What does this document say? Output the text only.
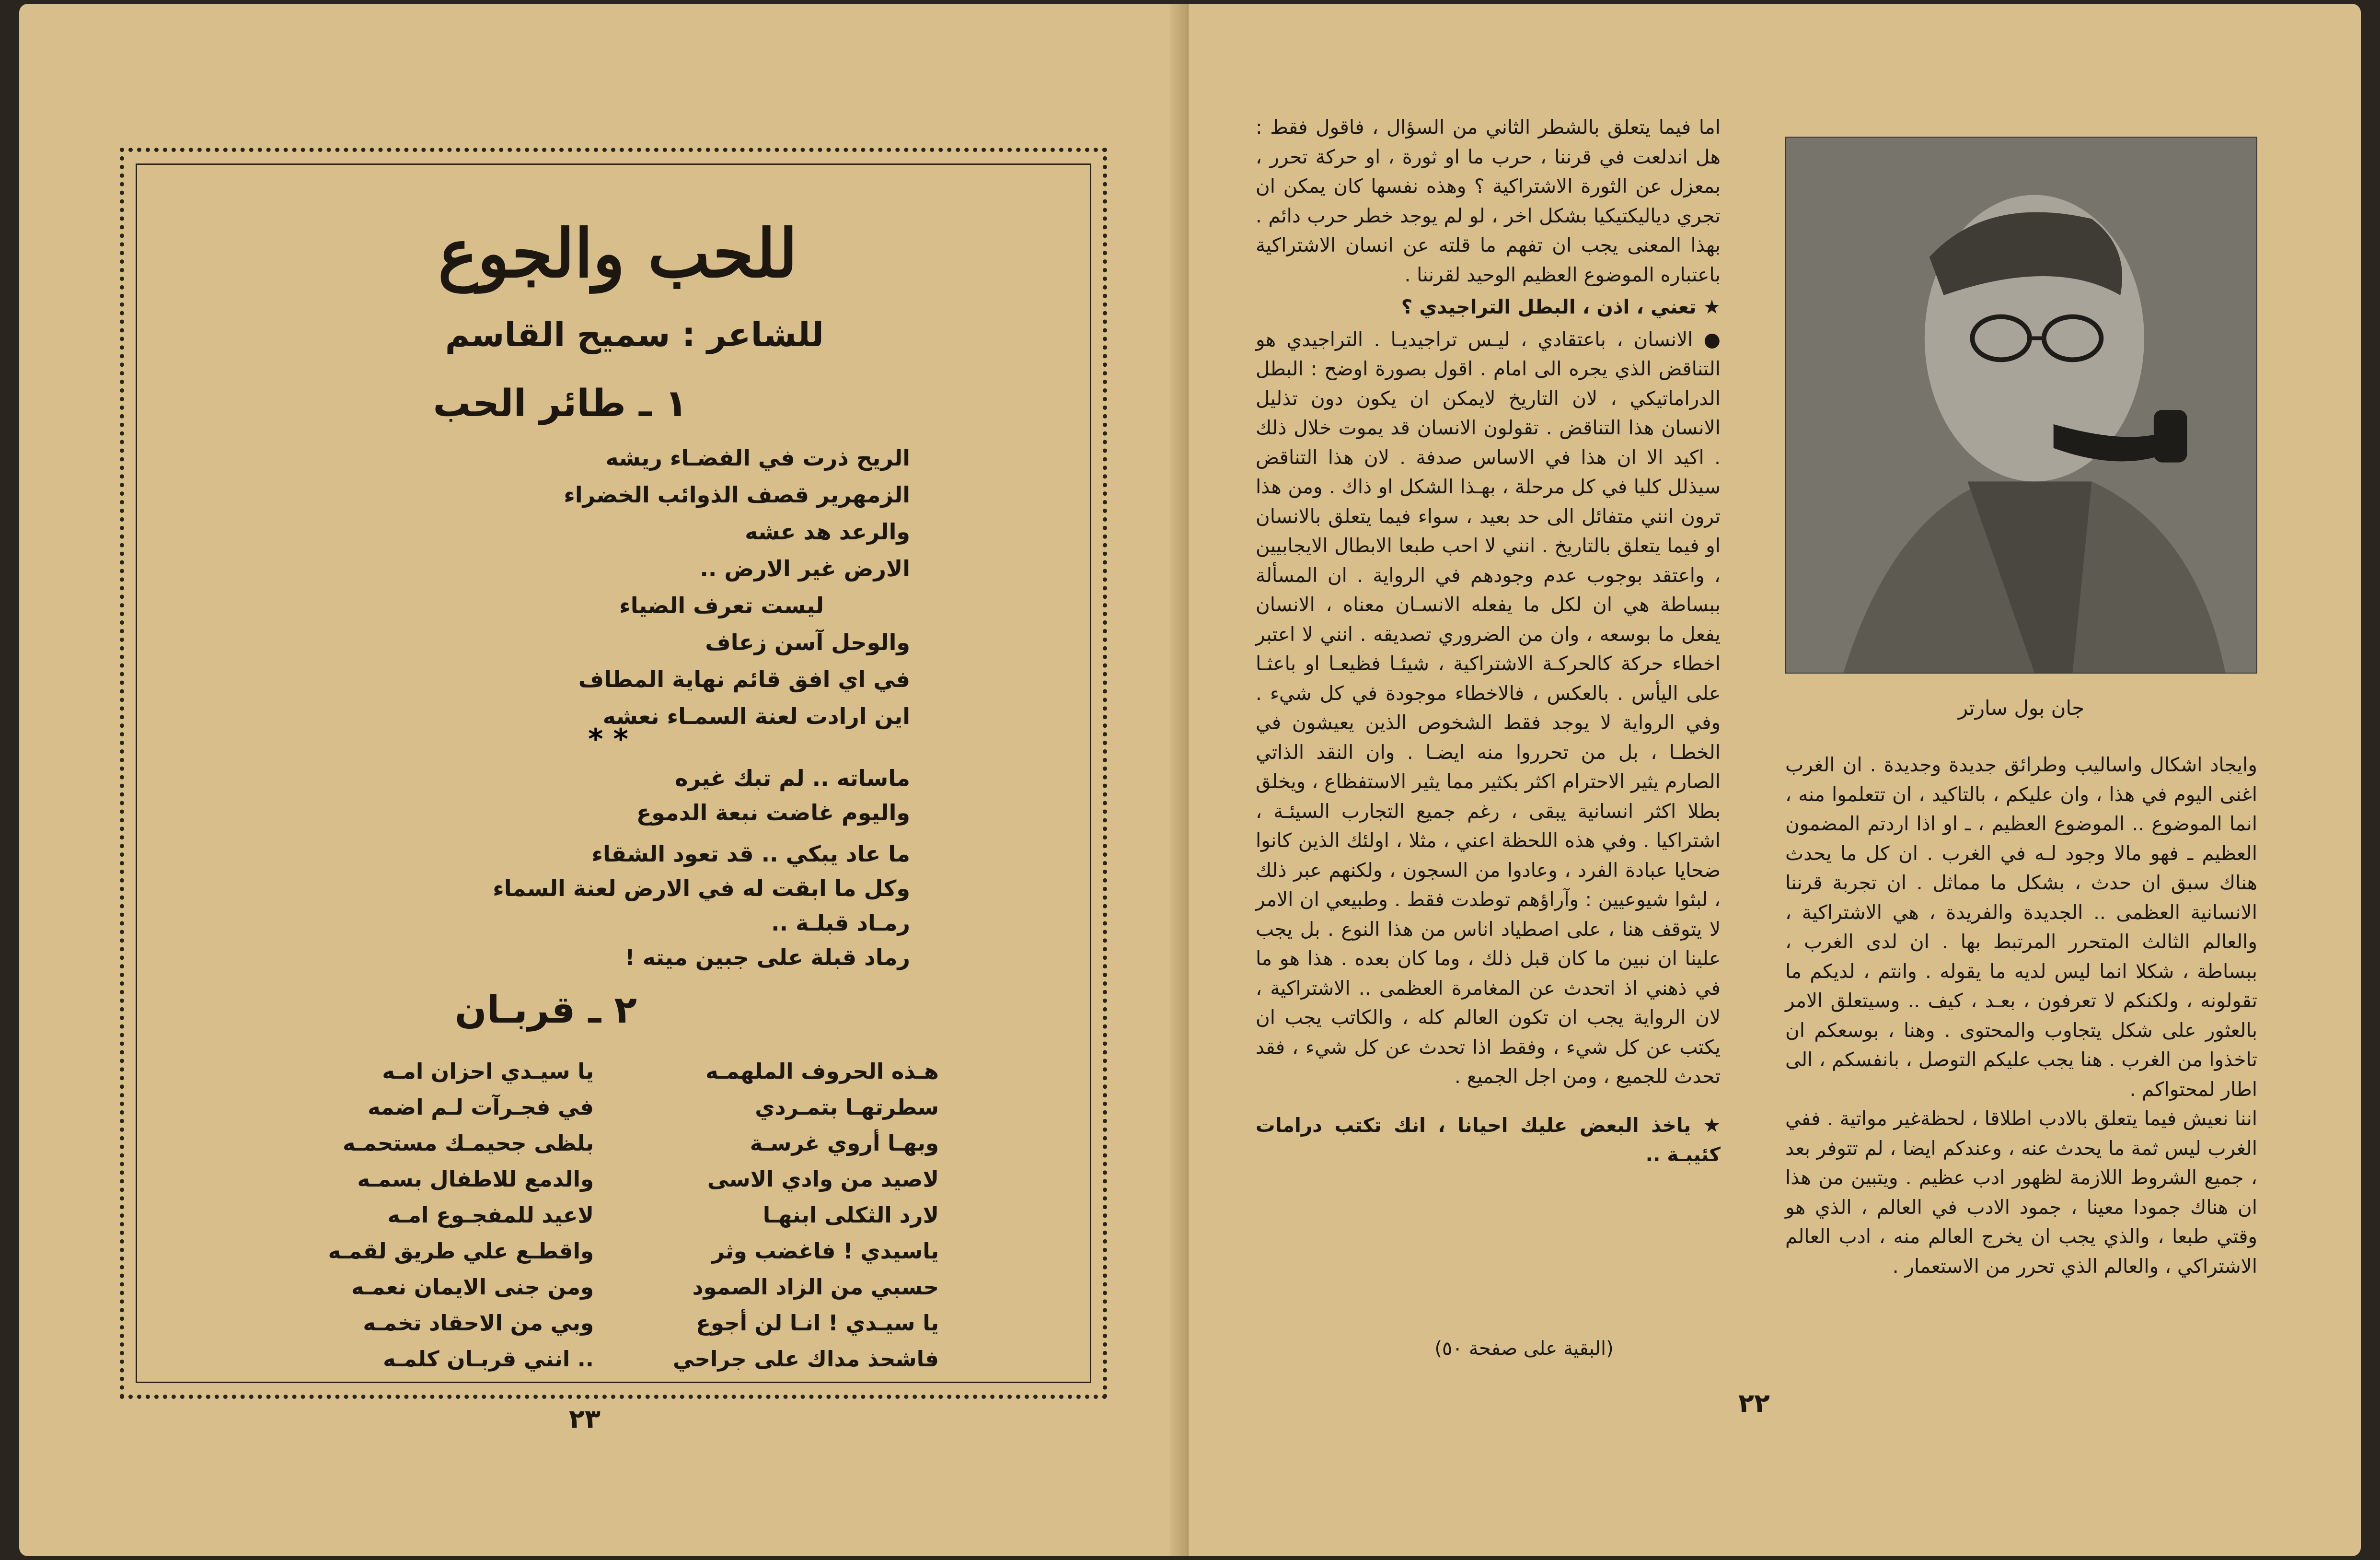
للحب والجوع
للشاعر : سميح القاسم
١ ـ طائر الحب
الريح ذرت في الفضـاء ريشه
الزمهرير قصف الذوائب الخضراء
والرعد هد عشه
الارض غير الارض ..
ليست تعرف الضياء
والوحل آسن زعاف
في اي افق قائم نهاية المطاف
اين ارادت لعنة السمـاء نعشه
* *
ماساته .. لم تبك غيره
واليوم غاضت نبعة الدموع
ما عاد يبكي .. قد تعود الشقاء
وكل ما ابقت له في الارض لعنة السماء
رمـاد قبلـة ..
رماد قبلة على جبين ميته !
٢ ـ قربـان
هـذه الحروف الملهمـه
سطرتهـا بتمـردي
وبهـا أروي غرسـة
لاصيد من وادي الاسى
لارد الثكلى ابنهـا
ياسيدي ! فاغضب وثر
حسبي من الزاد الصمود
يا سيـدي ! انـا لن أجوع
فاشحذ مداك على جراحي
يا سيـدي احزان امـه
في فجـرآت لـم اضمه
بلظى جحيمـك مستحمـه
والدمع للاطفال بسمـه
لاعيد للمفجـوع امـه
واقطـع علي طريق لقمـه
ومن جنى الايمان نعمـه
وبي من الاحقاد تخمـه
.. انني قربـان كلمـه
٢٣

اما فيما يتعلق بالشطر الثاني من السؤال ، فاقول فقط : هل اندلعت في قرننا ، حرب ما او ثورة ، او حركة تحرر ، بمعزل عن الثورة الاشتراكية ؟ وهذه نفسها كان يمكن ان تجري دياليكتيكيا بشكل اخر ، لو لم يوجد خطر حرب دائم . بهذا المعنى يجب ان تفهم ما قلته عن انسان الاشتراكية باعتباره الموضوع العظيم الوحيد لقرننا .

★ تعني ، اذن ، البطل التراجيدي ؟

● الانسان ، باعتقادي ، ليـس تراجيديـا . التراجيدي هو التناقض الذي يجره الى امام . اقول بصورة اوضح : البطل الدراماتيكي ، لان التاريخ لايمكن ان يكون دون تذليل الانسان هذا التناقض . تقولون الانسان قد يموت خلال ذلك . اكيد الا ان هذا في الاساس صدفة . لان هذا التناقض سيذلل كليا في كل مرحلة ، بهـذا الشكل او ذاك . ومن هذا ترون انني متفائل الى حد بعيد ، سواء فيما يتعلق بالانسان او فيما يتعلق بالتاريخ . انني لا احب طبعا الابطال الايجابيين ، واعتقد بوجوب عدم وجودهم في الرواية . ان المسألة ببساطة هي ان لكل ما يفعله الانسـان معناه ، الانسان يفعل ما بوسعه ، وان من الضروري تصديقه . انني لا اعتبر اخطاء حركة كالحركـة الاشتراكية ، شيئـا فظيعـا او باعثـا على اليأس . بالعكس ، فالاخطاء موجودة في كل شيء . وفي الرواية لا يوجد فقط الشخوص الذين يعيشون في الخطـا ، بل من تحرروا منه ايضـا . وان النقد الذاتي الصارم يثير الاحترام اكثر بكثير مما يثير الاستفظاع ، ويخلق بطلا اكثر انسانية يبقى ، رغم جميع التجارب السيئـة ، اشتراكيا . وفي هذه اللحظة اعني ، مثلا ، اولئك الذين كانوا ضحايا عبادة الفرد ، وعادوا من السجون ، ولكنهم عبر ذلك ، لبثوا شيوعيين : وآراؤهم توطدت فقط . وطبيعي ان الامر لا يتوقف هنا ، على اصطياد اناس من هذا النوع . بل يجب علينا ان نبين ما كان قبل ذلك ، وما كان بعده . هذا هو ما في ذهني اذ اتحدث عن المغامرة العظمى .. الاشتراكية ، لان الرواية يجب ان تكون العالم كله ، والكاتب يجب ان يكتب عن كل شيء ، وفقط اذا تحدث عن كل شيء ، فقد تحدث للجميع ، ومن اجل الجميع .

★ ياخذ البعض عليك احيانا ، انك تكتب درامات كئيبـة ..

جان بول سارتر

وايجاد اشكال واساليب وطرائق جديدة وجديدة . ان الغرب اغنى اليوم في هذا ، وان عليكم ، بالتاكيد ، ان تتعلموا منه ، انما الموضوع .. الموضوع العظيم ، ـ او اذا اردتم المضمون العظيم ـ فهو مالا وجود لـه في الغرب . ان كل ما يحدث هناك سبق ان حدث ، بشكل ما مماثل . ان تجربة قرننا الانسانية العظمى .. الجديدة والفريدة ، هي الاشتراكية ، والعالم الثالث المتحرر المرتبط بها . ان لدى الغرب ، ببساطة ، شكلا انما ليس لديه ما يقوله . وانتم ، لديكم ما تقولونه ، ولكنكم لا تعرفون ، بعـد ، كيف .. وسيتعلق الامر بالعثور على شكل يتجاوب والمحتوى . وهنا ، بوسعكم ان تاخذوا من الغرب . هنا يجب عليكم التوصل ، بانفسكم ، الى اطار لمحتواكم .

اننا نعيش فيما يتعلق بالادب اطلاقا ، لحظةغير مواتية . ففي الغرب ليس ثمة ما يحدث عنه ، وعندكم ايضا ، لم تتوفر بعد ، جميع الشروط اللازمة لظهور ادب عظيم . ويتبين من هذا ان هناك جمودا معينا ، جمود الادب في العالم ، الذي هو وقتي طبعا ، والذي يجب ان يخرج العالم منه ، ادب العالم الاشتراكي ، والعالم الذي تحرر من الاستعمار .

(البقية على صفحة ٥٠)
٢٢
